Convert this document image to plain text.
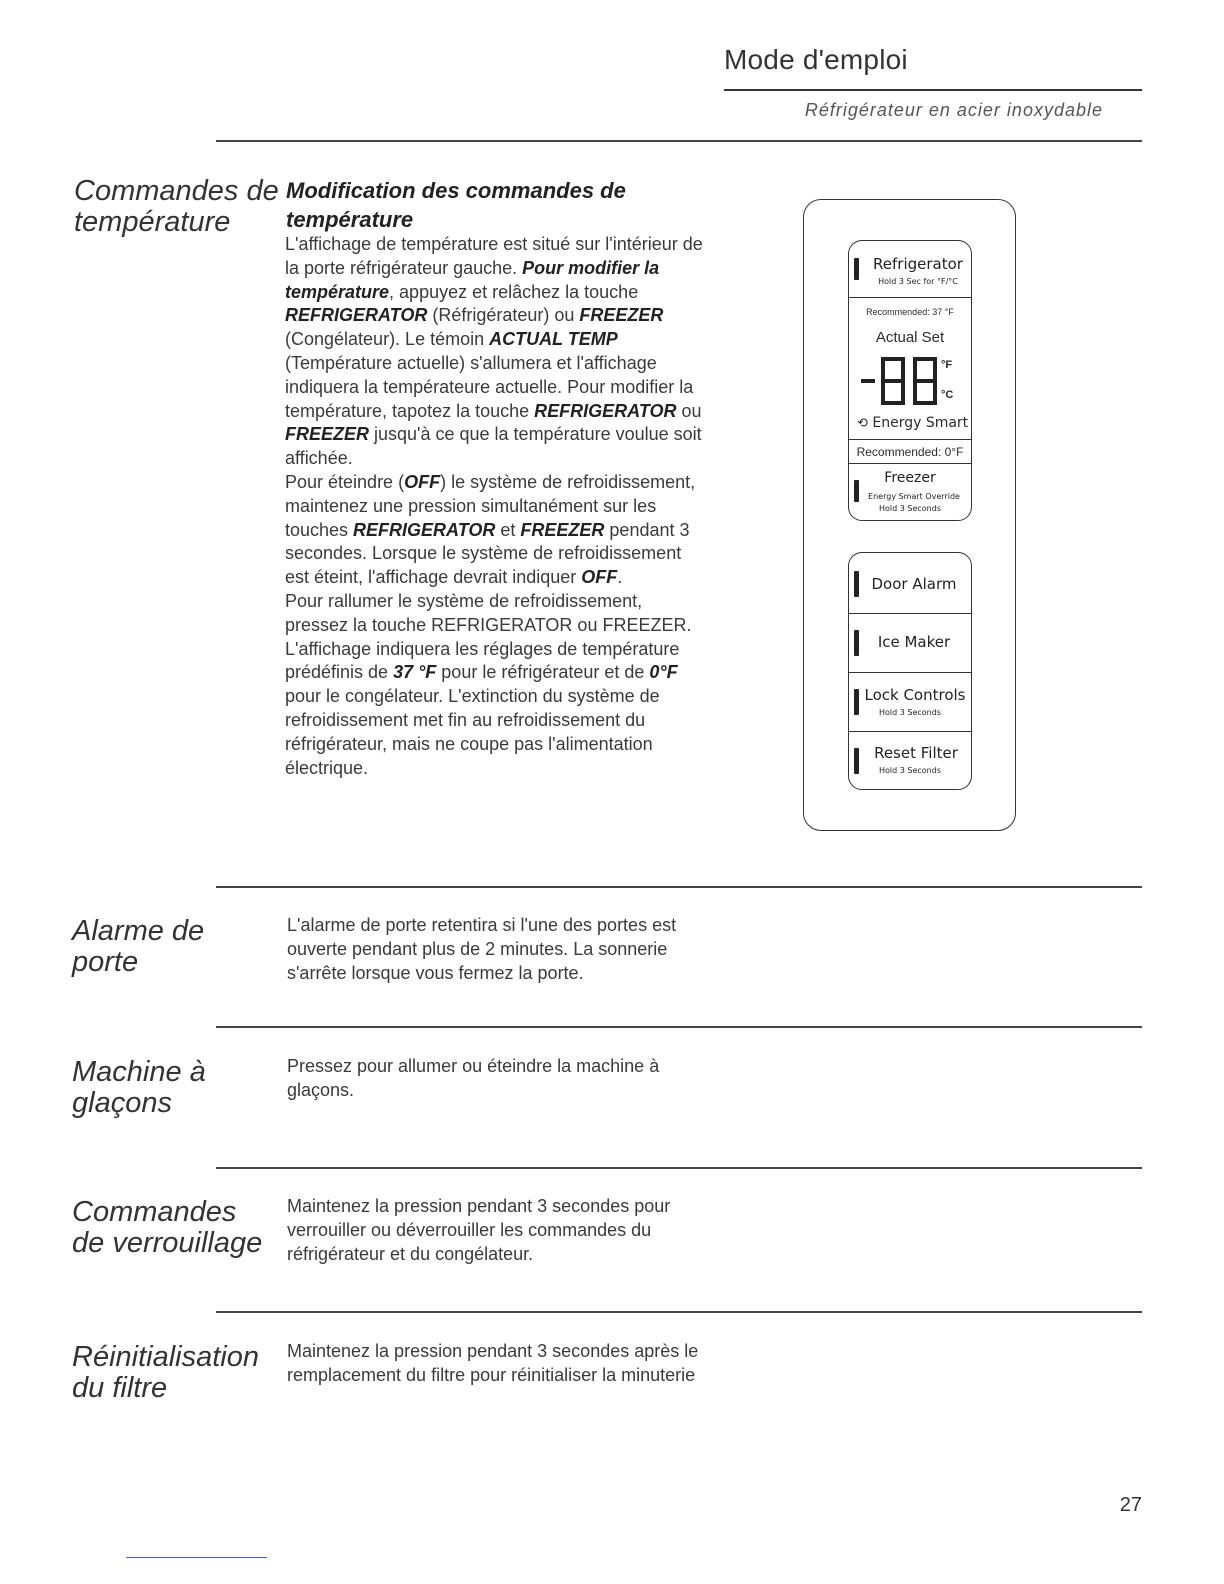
Mode d'emploi
Réfrigérateur en acier inoxydable
Commandes de
température
Modification des commandes de
température
L'affichage de température est situé sur l'intérieur de la porte réfrigérateur gauche. Pour modifier la température, appuyez et relâchez la touche REFRIGERATOR (Réfrigérateur) ou FREEZER (Congélateur). Le témoin ACTUAL TEMP (Température actuelle) s'allumera et l'affichage indiquera la températeure actuelle. Pour modifier la température, tapotez la touche REFRIGERATOR ou FREEZER jusqu'à ce que la température voulue soit affichée.
Pour éteindre (OFF) le système de refroidissement, maintenez une pression simultanément sur les touches REFRIGERATOR et FREEZER pendant 3 secondes. Lorsque le système de refroidissement est éteint, l'affichage devrait indiquer OFF.
Pour rallumer le système de refroidissement, pressez la touche REFRIGERATOR ou FREEZER. L'affichage indiquera les réglages de température prédéfinis de 37 °F pour le réfrigérateur et de 0°F pour le congélateur. L'extinction du système de refroidissement met fin au refroidissement du réfrigérateur, mais ne coupe pas l'alimentation électrique.
Refrigerator
Hold 3 Sec for °F/°C
Recommended: 37 °F
Actual Set
°F
°C
⟲ Energy Smart
Recommended: 0°F
Freezer
Energy Smart Override
Hold 3 Seconds
Door Alarm
Ice Maker
Lock Controls
Hold 3 Seconds
Reset Filter
Hold 3 Seconds
Alarme de
porte
L'alarme de porte retentira si l'une des portes est ouverte pendant plus de 2 minutes. La sonnerie s'arrête lorsque vous fermez la porte.
Machine à
glaçons
Pressez pour allumer ou éteindre la machine à glaçons.
Commandes
de verrouillage
Maintenez la pression pendant 3 secondes pour verrouiller ou déverrouiller les commandes du réfrigérateur et du congélateur.
Réinitialisation
du filtre
Maintenez la pression pendant 3 secondes après le remplacement du filtre pour réinitialiser la minuterie
27
